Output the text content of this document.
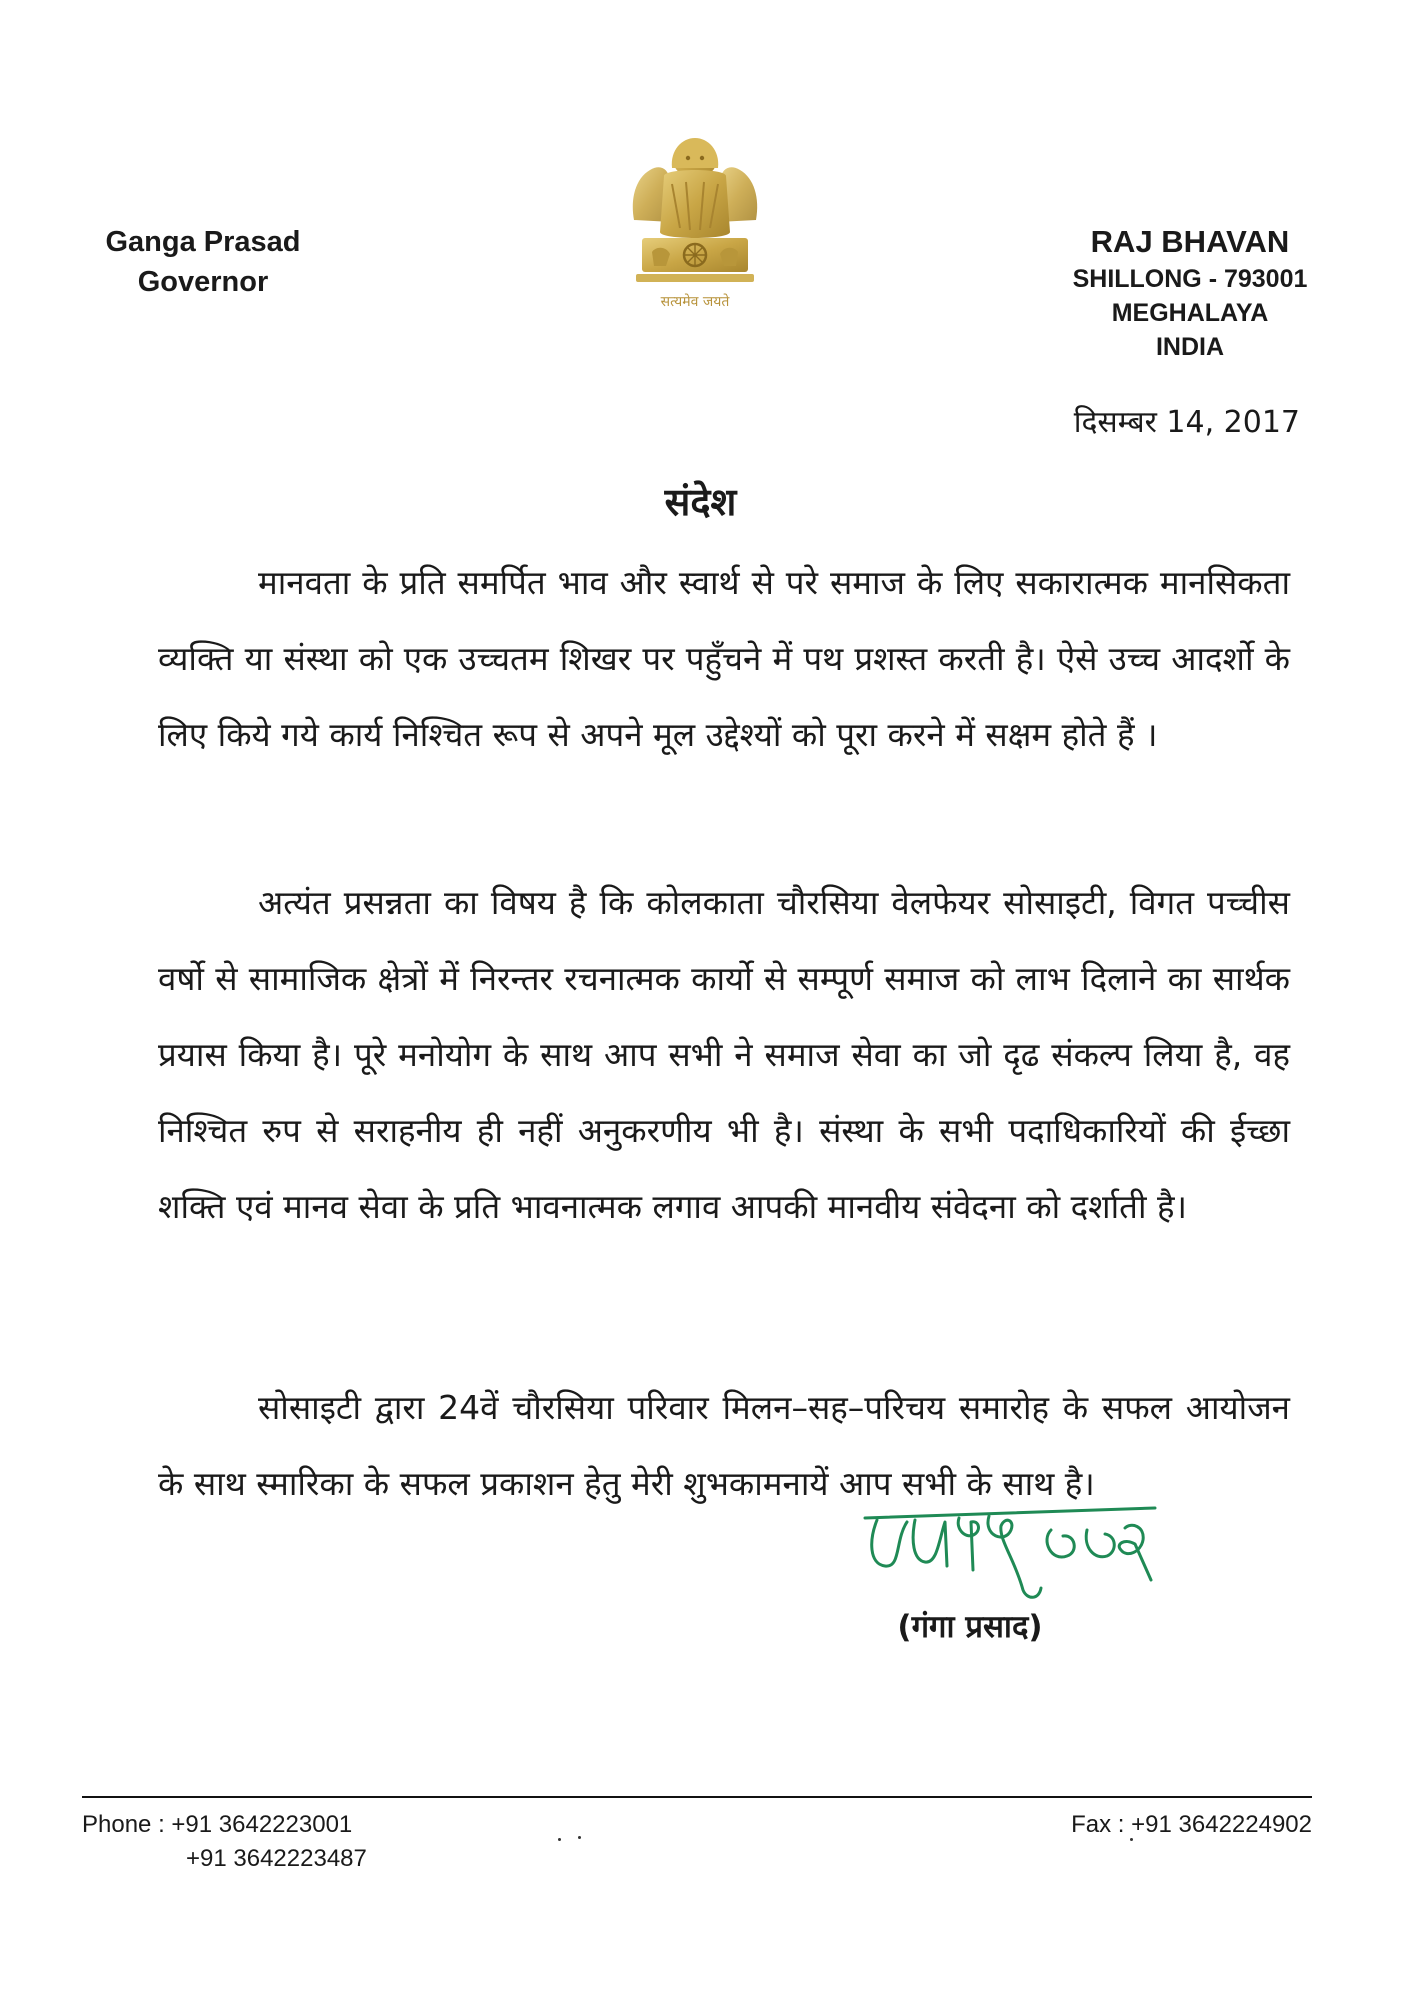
Ganga Prasad
Governor
सत्यमेव जयते
RAJ BHAVAN
SHILLONG - 793001
MEGHALAYA
INDIA
दिसम्बर 14, 2017
संदेश
मानवता के प्रति समर्पित भाव और स्वार्थ से परे समाज के लिए सकारात्मक मानसिकता व्यक्ति या संस्था को एक उच्चतम शिखर पर पहुँचने में पथ प्रशस्त करती है। ऐसे उच्च आदर्शो के लिए किये गये कार्य निश्चित रूप से अपने मूल उद्देश्यों को पूरा करने में सक्षम होते हैं ।
अत्यंत प्रसन्नता का विषय है कि कोलकाता चौरसिया वेलफेयर सोसाइटी, विगत पच्चीस वर्षो से सामाजिक क्षेत्रों में निरन्तर रचनात्मक कार्यो से सम्पूर्ण समाज को लाभ दिलाने का सार्थक प्रयास किया है। पूरे मनोयोग के साथ आप सभी ने समाज सेवा का जो दृढ संकल्प लिया है, वह निश्चित रुप से सराहनीय ही नहीं अनुकरणीय भी है। संस्था के सभी पदाधिकारियों की ईच्छा शक्ति एवं मानव सेवा के प्रति भावनात्मक लगाव आपकी मानवीय संवेदना को दर्शाती है।
सोसाइटी द्वारा 24वें चौरसिया परिवार मिलन–सह–परिचय समारोह के सफल आयोजन के साथ स्मारिका के सफल प्रकाशन हेतु मेरी शुभकामनायें आप सभी के साथ है।
(गंगा प्रसाद)
Phone : +91 3642223001
+91 3642223487
Fax : +91 3642224902
